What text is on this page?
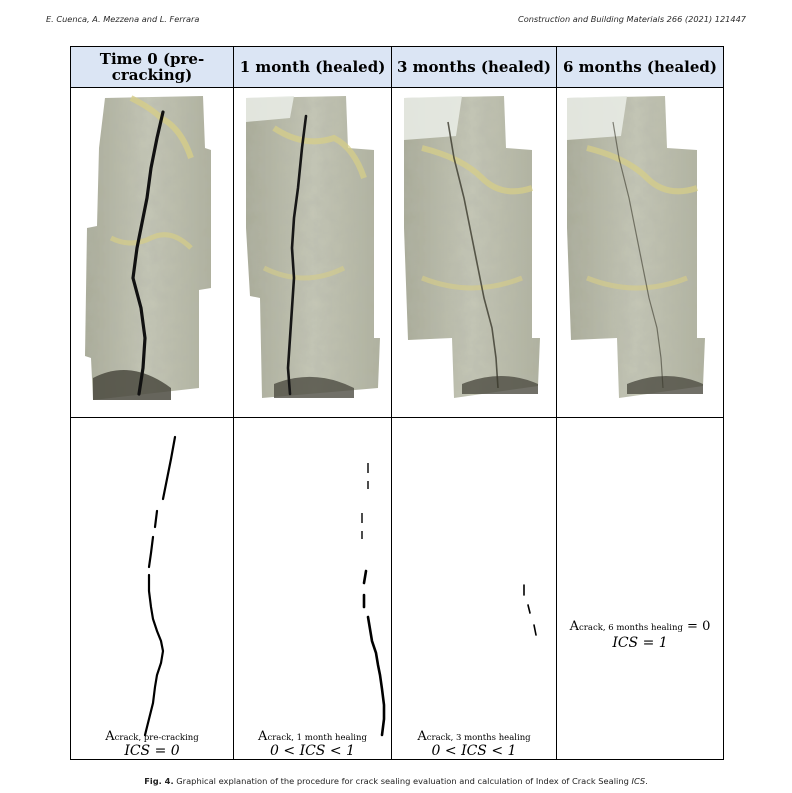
E. Cuenca, A. Mezzena and L. Ferrara	Construction and Building Materials 266 (2021) 121447
Time 0 (pre-cracking)	1 month (healed) 3 months (healed) 6 months (healed)
Acrack, pre-cracking
ICS = 0
Acrack, 1 month healing
0 < ICS < 1
Acrack, 3 months healing
0 < ICS < 1
Acrack, 6 months healing = 0
ICS = 1
Fig. 4. Graphical explanation of the procedure for crack sealing evaluation and calculation of Index of Crack Sealing ICS.
